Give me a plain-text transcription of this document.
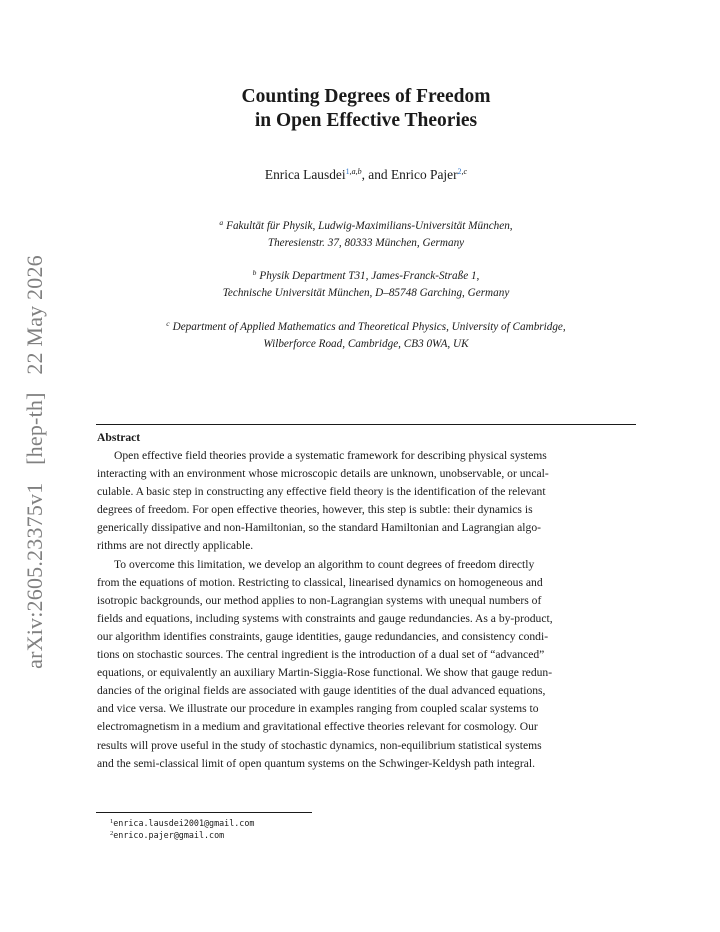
arXiv:2605.23375v1 [hep-th] 22 May 2026
Counting Degrees of Freedom
in Open Effective Theories
Enrica Lausdei$^{1,a,b}$, and Enrico Pajer$^{2,c}$
$^a$ Fakultät für Physik, Ludwig-Maximilians-Universität München,
Theresienstr. 37, 80333 München, Germany
$^b$ Physik Department T31, James-Franck-Straße 1,
Technische Universität München, D–85748 Garching, Germany
$^c$ Department of Applied Mathematics and Theoretical Physics, University of Cambridge,
Wilberforce Road, Cambridge, CB3 0WA, UK
Abstract
Open effective field theories provide a systematic framework for describing physical systems
interacting with an environment whose microscopic details are unknown, unobservable, or uncal-
culable. A basic step in constructing any effective field theory is the identification of the relevant
degrees of freedom. For open effective theories, however, this step is subtle: their dynamics is
generically dissipative and non-Hamiltonian, so the standard Hamiltonian and Lagrangian algo-
rithms are not directly applicable.
To overcome this limitation, we develop an algorithm to count degrees of freedom directly
from the equations of motion. Restricting to classical, linearised dynamics on homogeneous and
isotropic backgrounds, our method applies to non-Lagrangian systems with unequal numbers of
fields and equations, including systems with constraints and gauge redundancies. As a by-product,
our algorithm identifies constraints, gauge identities, gauge redundancies, and consistency condi-
tions on stochastic sources. The central ingredient is the introduction of a dual set of “advanced”
equations, or equivalently an auxiliary Martin-Siggia-Rose functional. We show that gauge redun-
dancies of the original fields are associated with gauge identities of the dual advanced equations,
and vice versa. We illustrate our procedure in examples ranging from coupled scalar systems to
electromagnetism in a medium and gravitational effective theories relevant for cosmology. Our
results will prove useful in the study of stochastic dynamics, non-equilibrium statistical systems
and the semi-classical limit of open quantum systems on the Schwinger-Keldysh path integral.
$^1$enrica.lausdei2001@gmail.com
$^2$enrico.pajer@gmail.com
